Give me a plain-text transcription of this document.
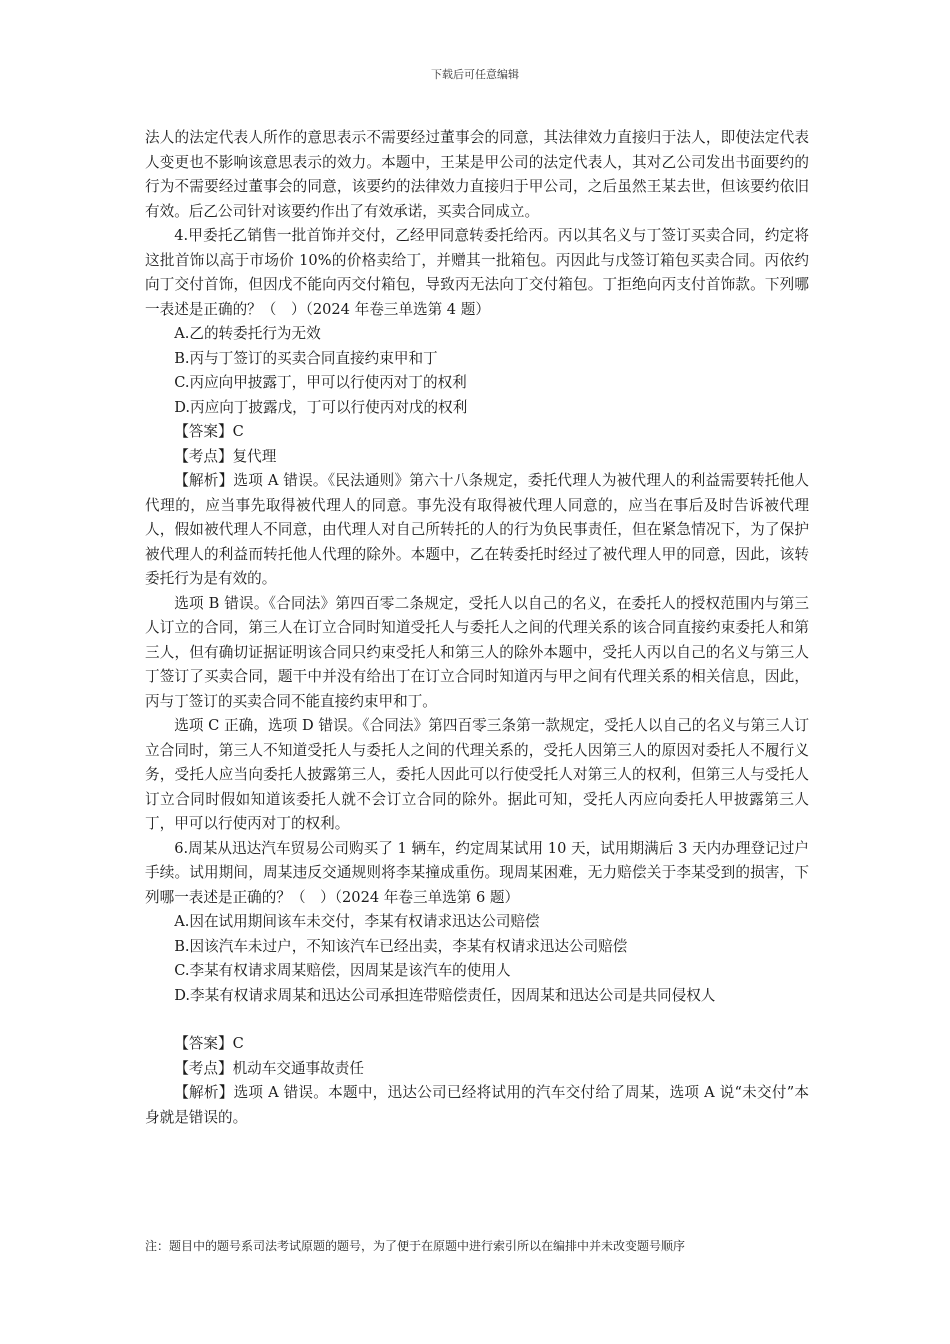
下载后可任意编辑

法人的法定代表人所作的意思表示不需要经过董事会的同意，其法律效力直接归于法人，即使法定代表人变更也不影响该意思表示的效力。本题中，王某是甲公司的法定代表人，其对乙公司发出书面要约的行为不需要经过董事会的同意，该要约的法律效力直接归于甲公司，之后虽然王某去世，但该要约依旧有效。后乙公司针对该要约作出了有效承诺，买卖合同成立。

4.甲委托乙销售一批首饰并交付，乙经甲同意转委托给丙。丙以其名义与丁签订买卖合同，约定将这批首饰以高于市场价 10%的价格卖给丁，并赠其一批箱包。丙因此与戊签订箱包买卖合同。丙依约向丁交付首饰，但因戊不能向丙交付箱包，导致丙无法向丁交付箱包。丁拒绝向丙支付首饰款。下列哪一表述是正确的？（　）（2024 年卷三单选第 4 题）

A.乙的转委托行为无效

B.丙与丁签订的买卖合同直接约束甲和丁

C.丙应向甲披露丁，甲可以行使丙对丁的权利

D.丙应向丁披露戊，丁可以行使丙对戊的权利

【答案】C

【考点】复代理

【解析】选项 A 错误。《民法通则》第六十八条规定，委托代理人为被代理人的利益需要转托他人代理的，应当事先取得被代理人的同意。事先没有取得被代理人同意的，应当在事后及时告诉被代理人，假如被代理人不同意，由代理人对自己所转托的人的行为负民事责任，但在紧急情况下，为了保护被代理人的利益而转托他人代理的除外。本题中，乙在转委托时经过了被代理人甲的同意，因此，该转委托行为是有效的。

选项 B 错误。《合同法》第四百零二条规定，受托人以自己的名义，在委托人的授权范围内与第三人订立的合同，第三人在订立合同时知道受托人与委托人之间的代理关系的该合同直接约束委托人和第三人，但有确切证据证明该合同只约束受托人和第三人的除外本题中，受托人丙以自己的名义与第三人丁签订了买卖合同，题干中并没有给出丁在订立合同时知道丙与甲之间有代理关系的相关信息，因此，丙与丁签订的买卖合同不能直接约束甲和丁。

选项 C 正确，选项 D 错误。《合同法》第四百零三条第一款规定，受托人以自己的名义与第三人订立合同时，第三人不知道受托人与委托人之间的代理关系的，受托人因第三人的原因对委托人不履行义务，受托人应当向委托人披露第三人，委托人因此可以行使受托人对第三人的权利，但第三人与受托人订立合同时假如知道该委托人就不会订立合同的除外。据此可知，受托人丙应向委托人甲披露第三人丁，甲可以行使丙对丁的权利。

6.周某从迅达汽车贸易公司购买了 1 辆车，约定周某试用 10 天，试用期满后 3 天内办理登记过户手续。试用期间，周某违反交通规则将李某撞成重伤。现周某困难，无力赔偿关于李某受到的损害，下列哪一表述是正确的？（　）（2024 年卷三单选第 6 题）

A.因在试用期间该车未交付，李某有权请求迅达公司赔偿

B.因该汽车未过户，不知该汽车已经出卖，李某有权请求迅达公司赔偿

C.李某有权请求周某赔偿，因周某是该汽车的使用人

D.李某有权请求周某和迅达公司承担连带赔偿责任，因周某和迅达公司是共同侵权人

【答案】C

【考点】机动车交通事故责任

【解析】选项 A 错误。本题中，迅达公司已经将试用的汽车交付给了周某，选项 A 说“未交付”本身就是错误的。

注：题目中的题号系司法考试原题的题号，为了便于在原题中进行索引所以在编排中并未改变题号顺序
